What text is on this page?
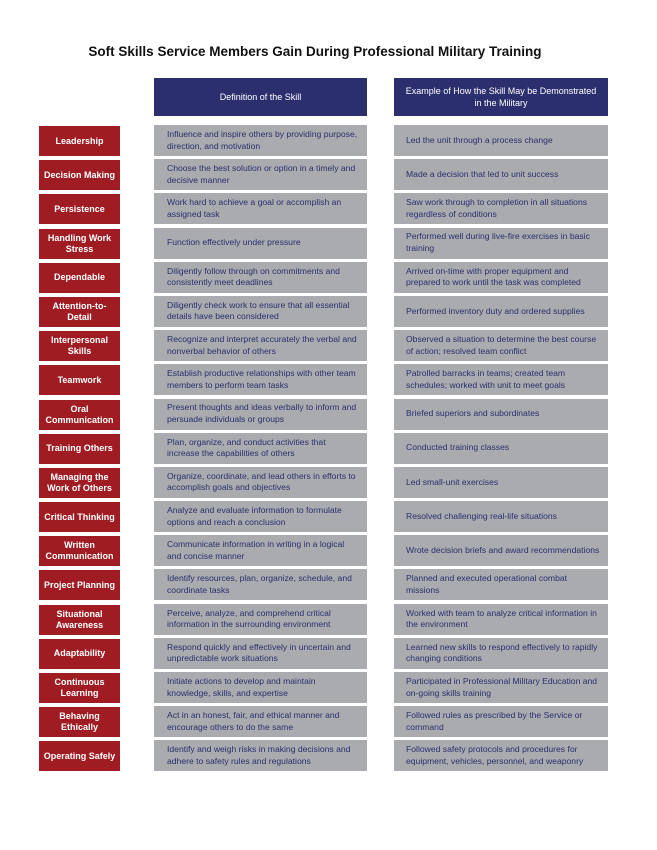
Soft Skills Service Members Gain During Professional Military Training
Definition of the Skill
Example of How the Skill May be Demonstrated in the Military
Leadership
Influence and inspire others by providing purpose, direction, and motivation
Led the unit through a process change
Decision Making
Choose the best solution or option in a timely and decisive manner
Made a decision that led to unit success
Persistence
Work hard to achieve a goal or accomplish an assigned task
Saw work through to completion in all situations regardless of conditions
Handling Work Stress
Function effectively under pressure
Performed well during live-fire exercises in basic training
Dependable
Diligently follow through on commitments and consistently meet deadlines
Arrived on-time with proper equipment and prepared to work until the task was completed
Attention-to-Detail
Diligently check work to ensure that all essential details have been considered
Performed inventory duty and ordered supplies
Interpersonal Skills
Recognize and interpret accurately the verbal and nonverbal behavior of others
Observed a situation to determine the best course of action; resolved team conflict
Teamwork
Establish productive relationships with other team members to perform team tasks
Patrolled barracks in teams; created team schedules; worked with unit to meet goals
Oral Communication
Present thoughts and ideas verbally to inform and persuade individuals or groups
Briefed superiors and subordinates
Training Others
Plan, organize, and conduct activities that increase the capabilities of others
Conducted training classes
Managing the Work of Others
Organize, coordinate, and lead others in efforts to accomplish goals and objectives
Led small-unit exercises
Critical Thinking
Analyze and evaluate information to formulate options and reach a conclusion
Resolved challenging real-life situations
Written Communication
Communicate information in writing in a logical and concise manner
Wrote decision briefs and award recommendations
Project Planning
Identify resources, plan, organize, schedule, and coordinate tasks
Planned and executed operational combat missions
Situational Awareness
Perceive, analyze, and comprehend critical information in the surrounding environment
Worked with team to analyze critical information in the environment
Adaptability
Respond quickly and effectively in uncertain and unpredictable work situations
Learned new skills to respond effectively to rapidly changing conditions
Continuous Learning
Initiate actions to develop and maintain knowledge, skills, and expertise
Participated in Professional Military Education and on-going skills training
Behaving Ethically
Act in an honest, fair, and ethical manner and encourage others to do the same
Followed rules as prescribed by the Service or command
Operating Safely
Identify and weigh risks in making decisions and adhere to safety rules and regulations
Followed safety protocols and procedures for equipment, vehicles, personnel, and weaponry
